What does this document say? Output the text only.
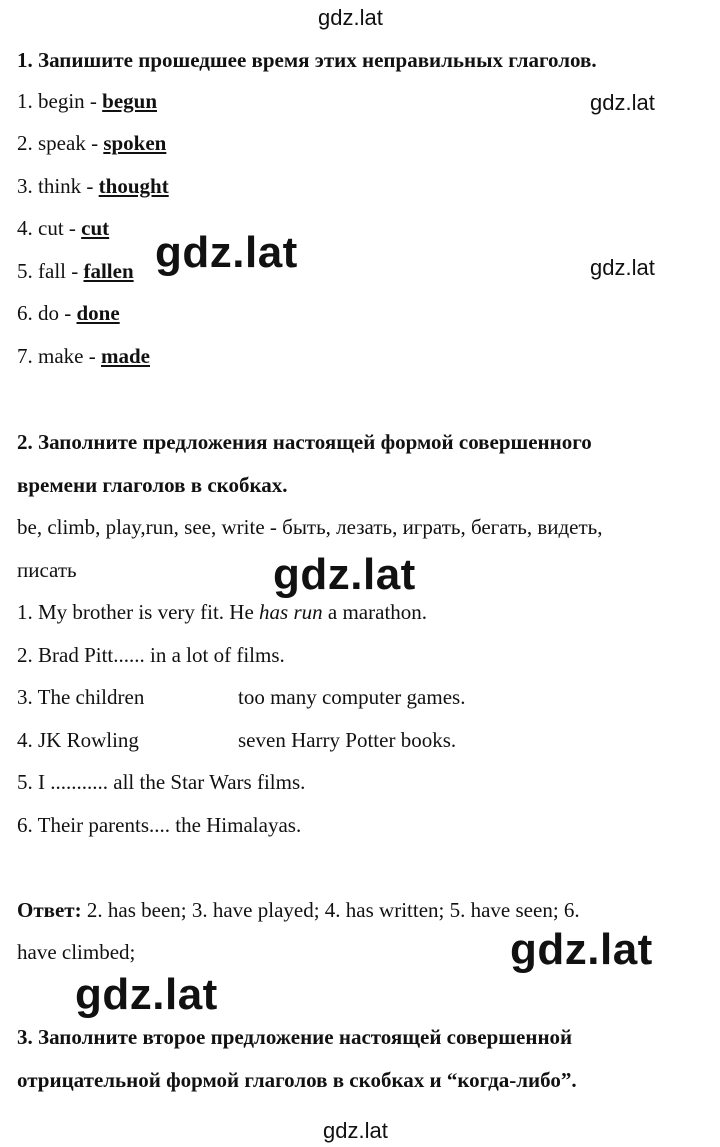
gdz.lat
gdz.lat
gdz.lat
1. Запишите прошедшее время этих неправильных глаголов.
1. begin - begun
2. speak - spoken
3. think - thought
4. cut - cut
5. fall - fallen
6. do - done
7. make - made
gdz.lat
2. Заполните предложения настоящей формой совершенного
времени глаголов в скобках.
be, climb, play,run, see, write - быть, лезать, играть, бегать, видеть,
писать	gdz.lat
1. My brother is very fit. He has run a marathon.
2. Brad Pitt...... in a lot of films.
3. The children	too many computer games.
4. JK Rowling	seven Harry Potter books.
5. I ........... all the Star Wars films.
6. Their parents.... the Himalayas.
Ответ: 2. has been; 3. have played; 4. has written; 5. have seen; 6.
have climbed;	gdz.lat
gdz.lat
3. Заполните второе предложение настоящей совершенной
отрицательной формой глаголов в скобках и “когда-либо”.
gdz.lat
